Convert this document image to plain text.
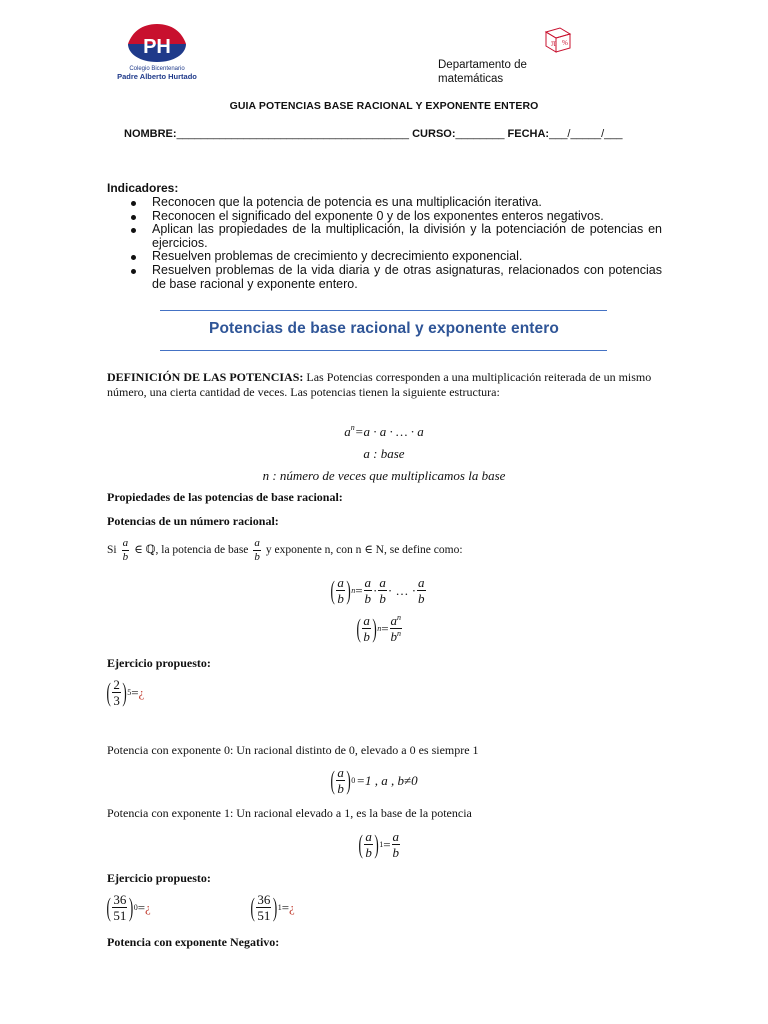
PH
Colegio Bicentenario
Padre Alberto Hurtado
π %
Departamento de matemáticas
GUIA POTENCIAS BASE RACIONAL Y EXPONENTE ENTERO
NOMBRE:______________________________________ CURSO:________ FECHA:___/_____/___
Indicadores:
Reconocen que la potencia de potencia es una multiplicación iterativa.
Reconocen el significado del exponente 0 y de los exponentes enteros negativos.
Aplican las propiedades de la multiplicación, la división y la potenciación de potencias en ejercicios.
Resuelven problemas de crecimiento y decrecimiento exponencial.
Resuelven problemas de la vida diaria y de otras asignaturas, relacionados con potencias de base racional y exponente entero.
Potencias de base racional y exponente entero
DEFINICIÓN DE LAS POTENCIAS: Las Potencias corresponden a una multiplicación reiterada de un mismo número, una cierta cantidad de veces. Las potencias tienen la siguiente estructura:
$a^n=a \cdot a$ · … · a
a : base
n : número de veces que multiplicamos la base
Propiedades de las potencias de base racional:
Potencias de un número racional:
Si $\frac{a}{b}$ ∈ ℚ, la potencia de base $\frac{a}{b}$ y exponente n, con n ∈ N, se define como:
( $\frac{a}{b}$ ) $n = \frac{a}{b} \cdot \frac{a}{b}$ · … · $\frac{a}{b}$
( $\frac{a}{b}$ ) $n = \frac{a^n}{b^n}$
Ejercicio propuesto:
( $\frac{2}{3}$ ) 5 = ¿
Potencia con exponente 0: Un racional distinto de 0, elevado a 0 es siempre 1
( $\frac{a}{b}$ ) 0 =1 , a , b≠0
Potencia con exponente 1: Un racional elevado a 1, es la base de la potencia
( $\frac{a}{b}$ ) $1 = \frac{a}{b}$
Ejercicio propuesto:
( $\frac{36}{51}$ ) 0 = ¿	( $\frac{36}{51}$ ) 1 = ¿
Potencia con exponente Negativo:
